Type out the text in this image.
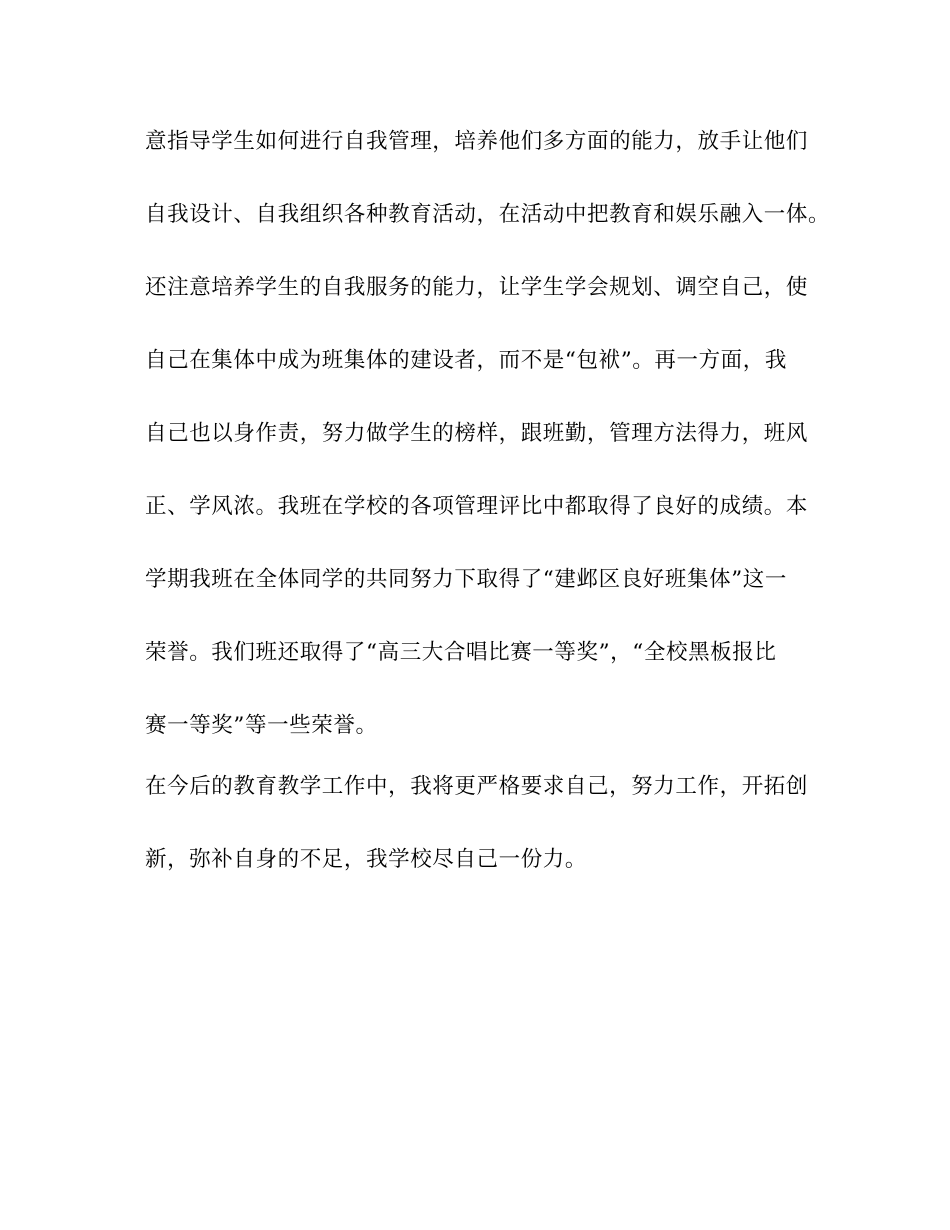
意指导学生如何进行自我管理，培养他们多方面的能力，放手让他们
自我设计、自我组织各种教育活动，在活动中把教育和娱乐融入一体。
还注意培养学生的自我服务的能力，让学生学会规划、调空自己，使
自己在集体中成为班集体的建设者，而不是“包袱”。再一方面，我
自己也以身作责，努力做学生的榜样，跟班勤，管理方法得力，班风
正、学风浓。我班在学校的各项管理评比中都取得了良好的成绩。本
学期我班在全体同学的共同努力下取得了“建邺区良好班集体”这一
荣誉。我们班还取得了“高三大合唱比赛一等奖”，“全校黑板报比
赛一等奖”等一些荣誉。
在今后的教育教学工作中，我将更严格要求自己，努力工作，开拓创
新，弥补自身的不足，我学校尽自己一份力。
